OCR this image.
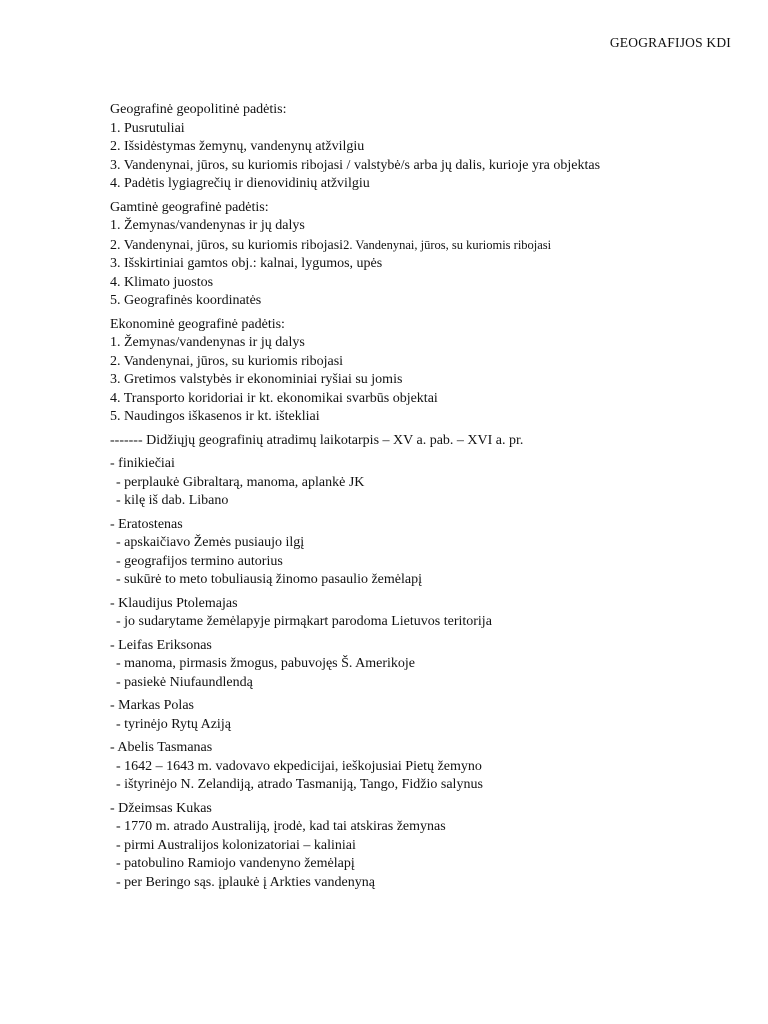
GEOGRAFIJOS KDI
Geografinė geopolitinė padėtis:
1. Pusrutuliai
2. Išsidėstymas žemynų, vandenynų atžvilgiu
3. Vandenynai, jūros, su kuriomis ribojasi / valstybė/s arba jų dalis, kurioje yra objektas
4. Padėtis lygiagrečių ir dienovidinių atžvilgiu
Gamtinė geografinė padėtis:
1. Žemynas/vandenynas ir jų dalys
2. Vandenynai, jūros, su kuriomis ribojasi2. Vandenynai, jūros, su kuriomis ribojasi
3. Išskirtiniai gamtos obj.: kalnai, lygumos, upės
4. Klimato juostos
5. Geografinės koordinatės
Ekonominė geografinė padėtis:
1. Žemynas/vandenynas ir jų dalys
2. Vandenynai, jūros, su kuriomis ribojasi
3. Gretimos valstybės ir ekonominiai ryšiai su jomis
4. Transporto koridoriai ir kt. ekonomikai svarbūs objektai
5. Naudingos iškasenos ir kt. ištekliai
------- Didžiųjų geografinių atradimų laikotarpis – XV a. pab. – XVI a. pr.
- finikiečiai
- perplaukė Gibraltarą, manoma, aplankė JK
- kilę iš dab. Libano
- Eratostenas
- apskaičiavo Žemės pusiaujo ilgį
- geografijos termino autorius
- sukūrė to meto tobuliausią žinomo pasaulio žemėlapį
- Klaudijus Ptolemajas
- jo sudarytame žemėlapyje pirmąkart parodoma Lietuvos teritorija
- Leifas Eriksonas
- manoma, pirmasis žmogus, pabuvojęs Š. Amerikoje
- pasiekė Niufaundlendą
- Markas Polas
- tyrinėjo Rytų Aziją
- Abelis Tasmanas
- 1642 – 1643 m. vadovavo ekpedicijai, ieškojusiai Pietų žemyno
- ištyrinėjo N. Zelandiją, atrado Tasmaniją, Tango, Fidžio salynus
- Džeimsas Kukas
- 1770 m. atrado Australiją, įrodė, kad tai atskiras žemynas
- pirmi Australijos kolonizatoriai – kaliniai
- patobulino Ramiojo vandenyno žemėlapį
- per Beringo sąs. įplaukė į Arkties vandenyną
